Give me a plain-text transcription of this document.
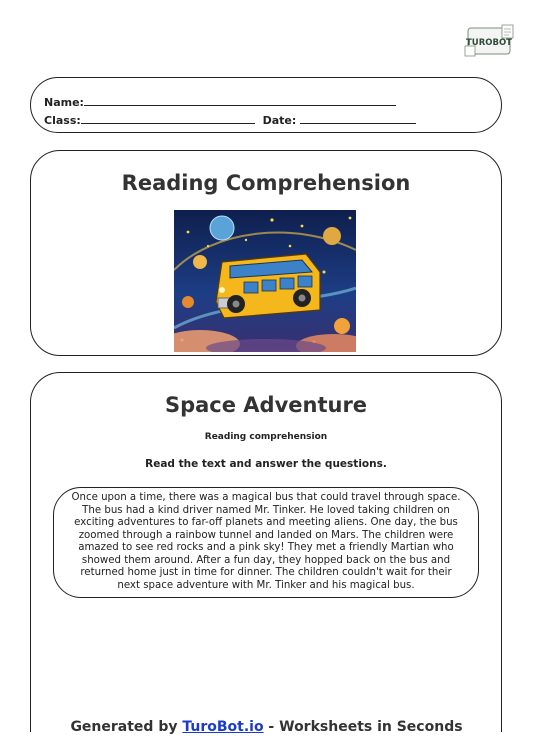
TUROBOT
Name:
Class:	Date:
Reading Comprehension
Space Adventure
Reading comprehension
Read the text and answer the questions.
Once upon a time, there was a magical bus that could travel through space. The bus had a kind driver named Mr. Tinker. He loved taking children on exciting adventures to far-off planets and meeting aliens. One day, the bus zoomed through a rainbow tunnel and landed on Mars. The children were amazed to see red rocks and a pink sky! They met a friendly Martian who showed them around. After a fun day, they hopped back on the bus and returned home just in time for dinner. The children couldn't wait for their next space adventure with Mr. Tinker and his magical bus.
Generated by TuroBot.io - Worksheets in Seconds
